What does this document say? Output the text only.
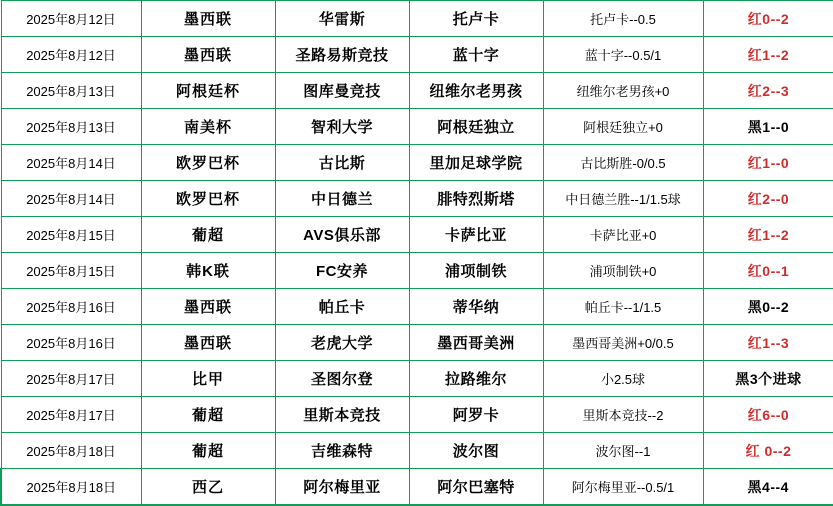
2025年8月12日	墨西联	华雷斯	托卢卡	托卢卡--0.5	红0--2
2025年8月12日	墨西联	圣路易斯竞技	蓝十字	蓝十字--0.5/1	红1--2
2025年8月13日	阿根廷杯	图库曼竞技	纽维尔老男孩	纽维尔老男孩+0	红2--3
2025年8月13日	南美杯	智利大学	阿根廷独立	阿根廷独立+0	黑1--0
2025年8月14日	欧罗巴杯	古比斯	里加足球学院	古比斯胜-0/0.5	红1--0
2025年8月14日	欧罗巴杯	中日德兰	腓特烈斯塔	中日德兰胜--1/1.5球	红2--0
2025年8月15日	葡超	AVS俱乐部	卡萨比亚	卡萨比亚+0	红1--2
2025年8月15日	韩K联	FC安养	浦项制铁	浦项制铁+0	红0--1
2025年8月16日	墨西联	帕丘卡	蒂华纳	帕丘卡--1/1.5	黑0--2
2025年8月16日	墨西联	老虎大学	墨西哥美洲	墨西哥美洲+0/0.5	红1--3
2025年8月17日	比甲	圣图尔登	拉路维尔	小2.5球	黑3个进球
2025年8月17日	葡超	里斯本竞技	阿罗卡	里斯本竞技--2	红6--0
2025年8月18日	葡超	吉维森特	波尔图	波尔图--1	红 0--2
2025年8月18日	西乙	阿尔梅里亚	阿尔巴塞特	阿尔梅里亚--0.5/1	黑4--4
